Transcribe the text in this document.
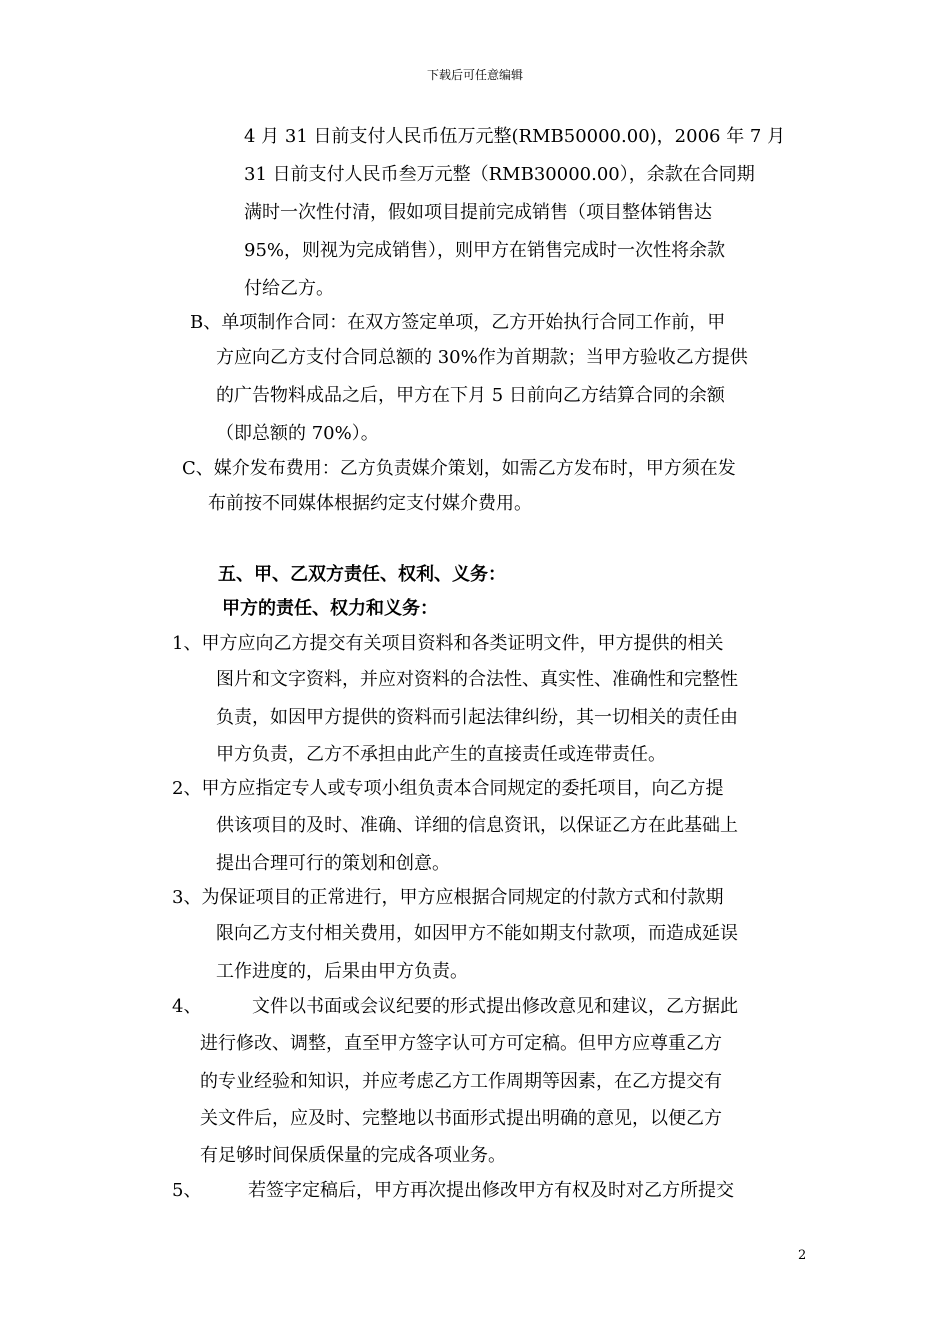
下载后可任意编辑
4 月 31 日前支付人民币伍万元整(RMB50000.00)，2006 年 7 月
31 日前支付人民币叁万元整（RMB30000.00），余款在合同期
满时一次性付清，假如项目提前完成销售（项目整体销售达
95%，则视为完成销售），则甲方在销售完成时一次性将余款
付给乙方。
B、单项制作合同：在双方签定单项，乙方开始执行合同工作前，甲
方应向乙方支付合同总额的 30%作为首期款；当甲方验收乙方提供
的广告物料成品之后，甲方在下月 5 日前向乙方结算合同的余额
（即总额的 70%）。
C、媒介发布费用：乙方负责媒介策划，如需乙方发布时，甲方须在发
布前按不同媒体根据约定支付媒介费用。
五、甲、乙双方责任、权利、义务：
甲方的责任、权力和义务：
1、甲方应向乙方提交有关项目资料和各类证明文件，甲方提供的相关
图片和文字资料，并应对资料的合法性、真实性、准确性和完整性
负责，如因甲方提供的资料而引起法律纠纷，其一切相关的责任由
甲方负责，乙方不承担由此产生的直接责任或连带责任。
2、甲方应指定专人或专项小组负责本合同规定的委托项目，向乙方提
供该项目的及时、准确、详细的信息资讯，以保证乙方在此基础上
提出合理可行的策划和创意。
3、为保证项目的正常进行，甲方应根据合同规定的付款方式和付款期
限向乙方支付相关费用，如因甲方不能如期支付款项，而造成延误
工作进度的，后果由甲方负责。
4、	文件以书面或会议纪要的形式提出修改意见和建议，乙方据此
进行修改、调整，直至甲方签字认可方可定稿。但甲方应尊重乙方
的专业经验和知识，并应考虑乙方工作周期等因素，在乙方提交有
关文件后，应及时、完整地以书面形式提出明确的意见，以便乙方
有足够时间保质保量的完成各项业务。
5、	若签字定稿后，甲方再次提出修改甲方有权及时对乙方所提交
2
